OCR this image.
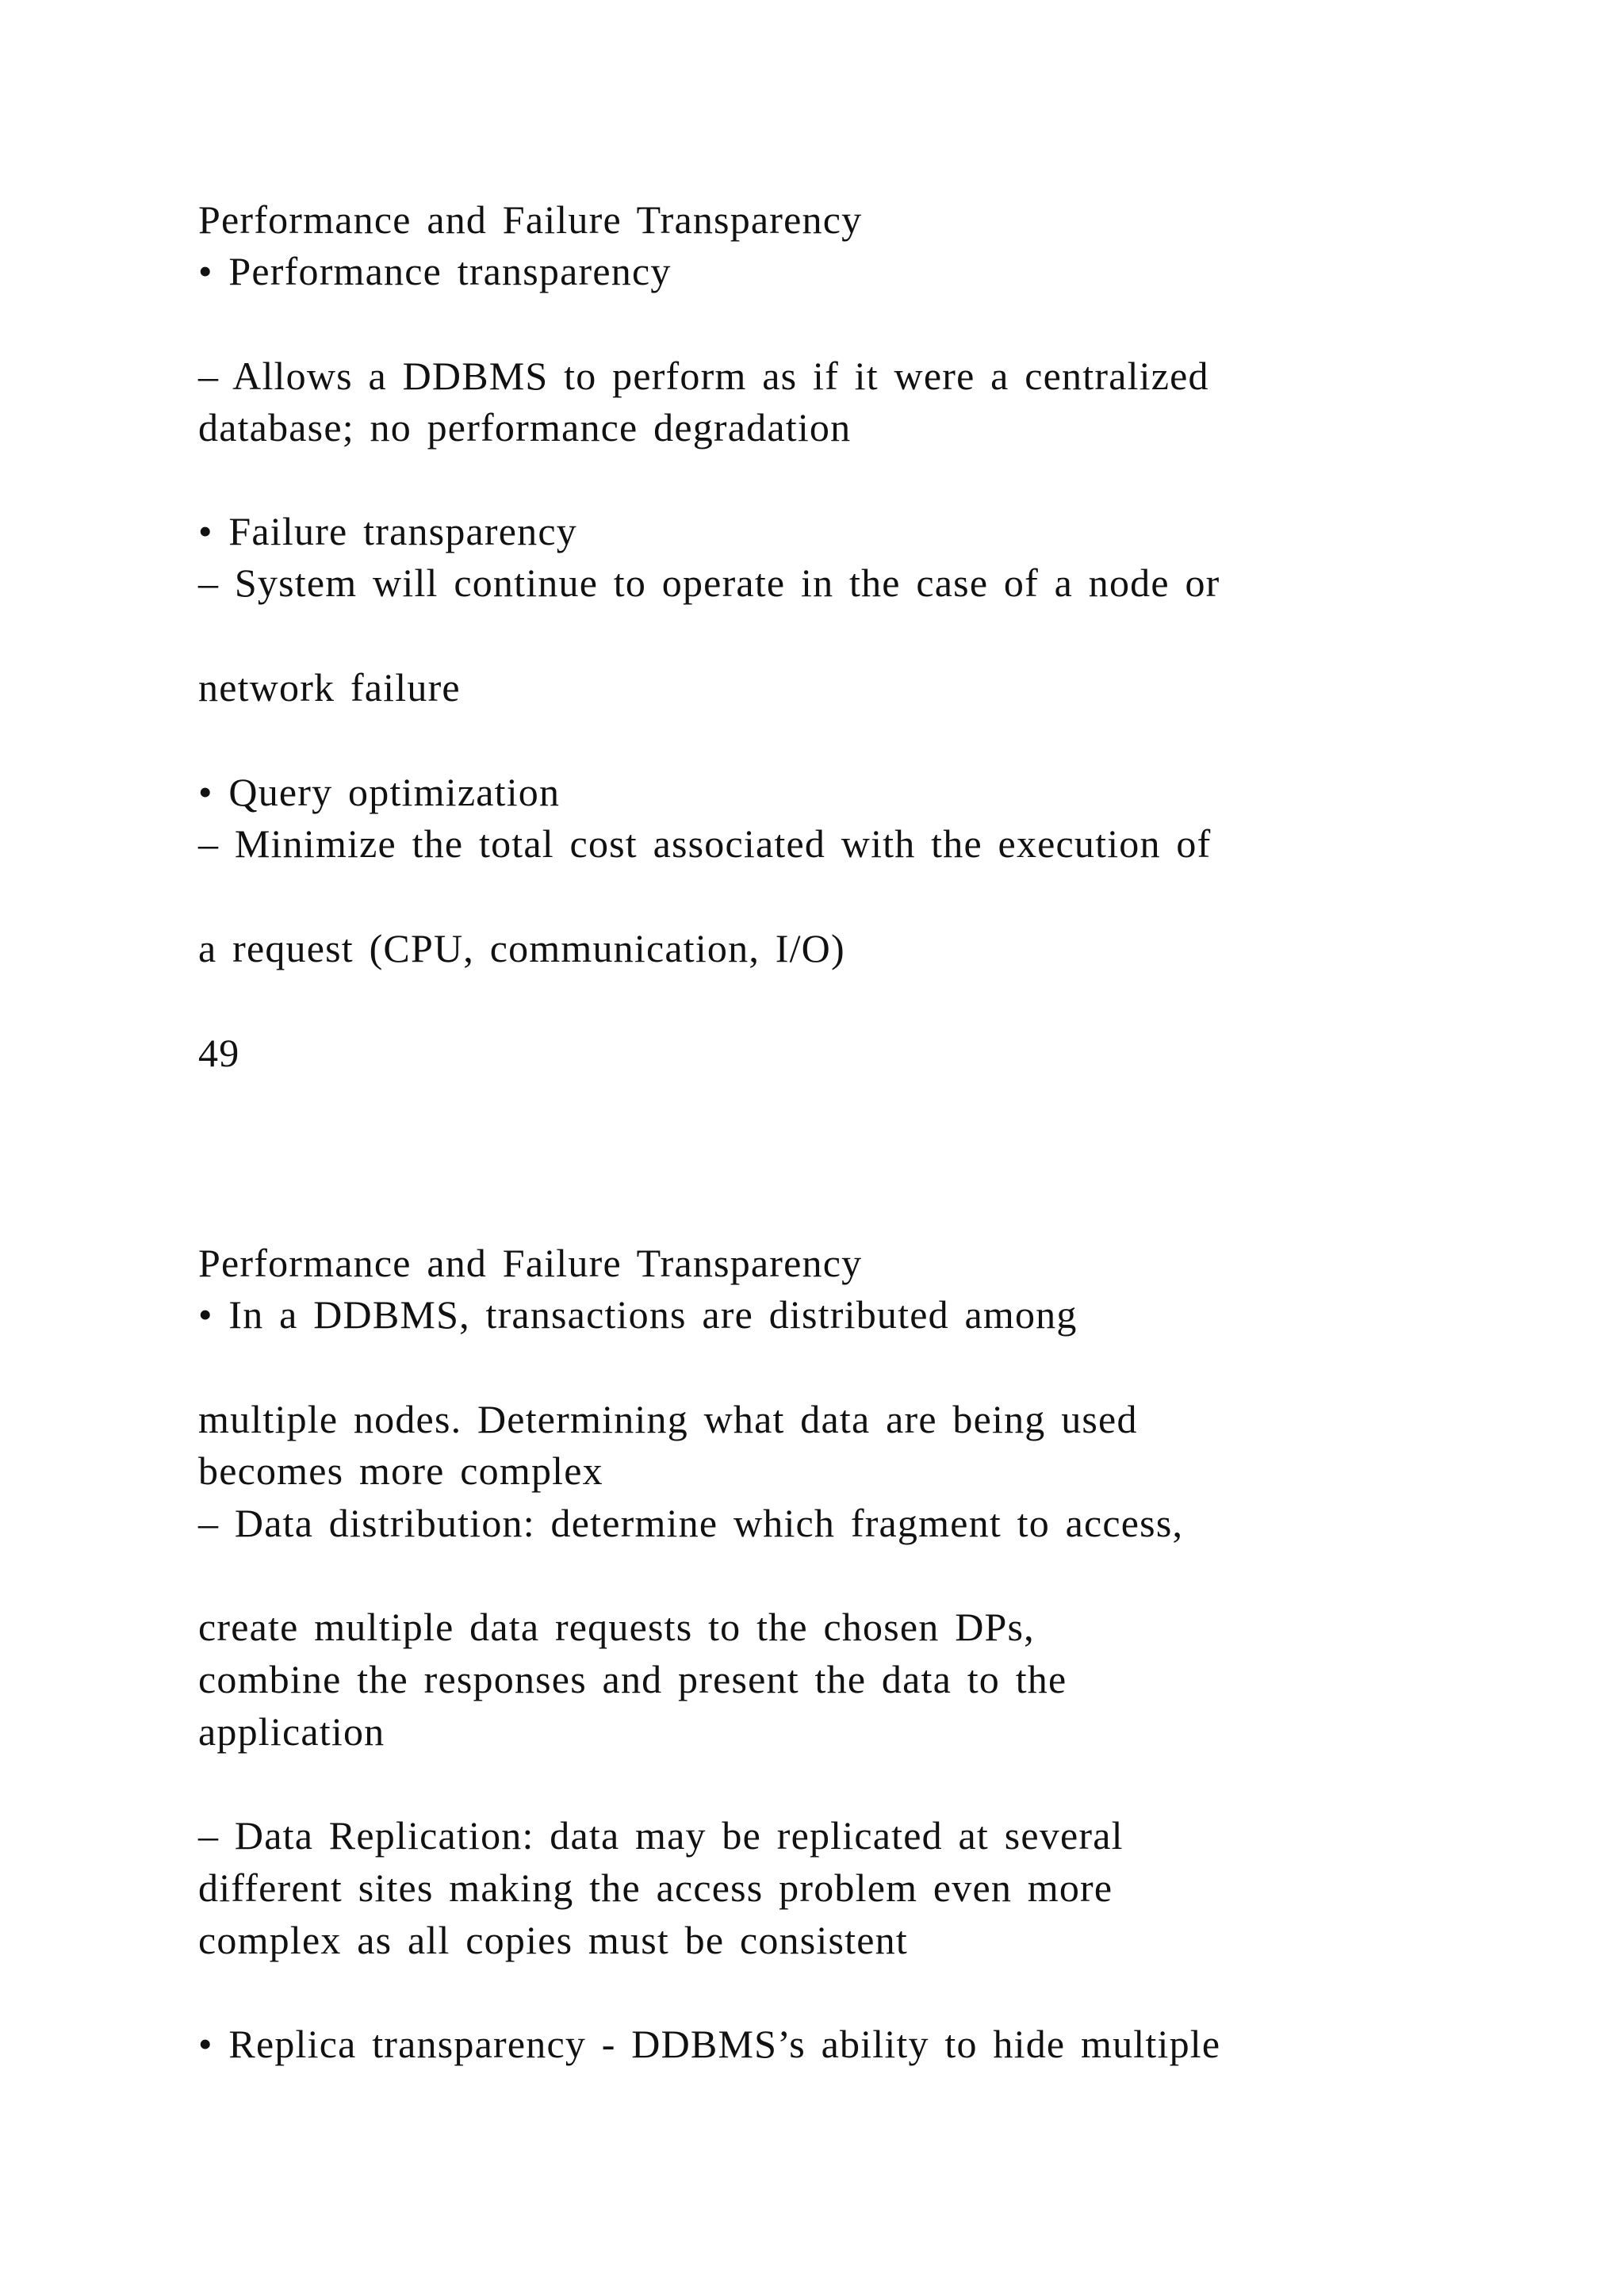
Performance and Failure Transparency

• Performance transparency

– Allows a DDBMS to perform as if it were a centralized

database; no performance degradation

• Failure transparency

– System will continue to operate in the case of a node or

network failure

• Query optimization

– Minimize the total cost associated with the execution of

a request (CPU, communication, I/O)

49

Performance and Failure Transparency

• In a DDBMS, transactions are distributed among

multiple nodes. Determining what data are being used

becomes more complex

– Data distribution: determine which fragment to access,

create multiple data requests to the chosen DPs,

combine the responses and present the data to the

application

– Data Replication: data may be replicated at several

different sites making the access problem even more

complex as all copies must be consistent

• Replica transparency - DDBMS’s ability to hide multiple
